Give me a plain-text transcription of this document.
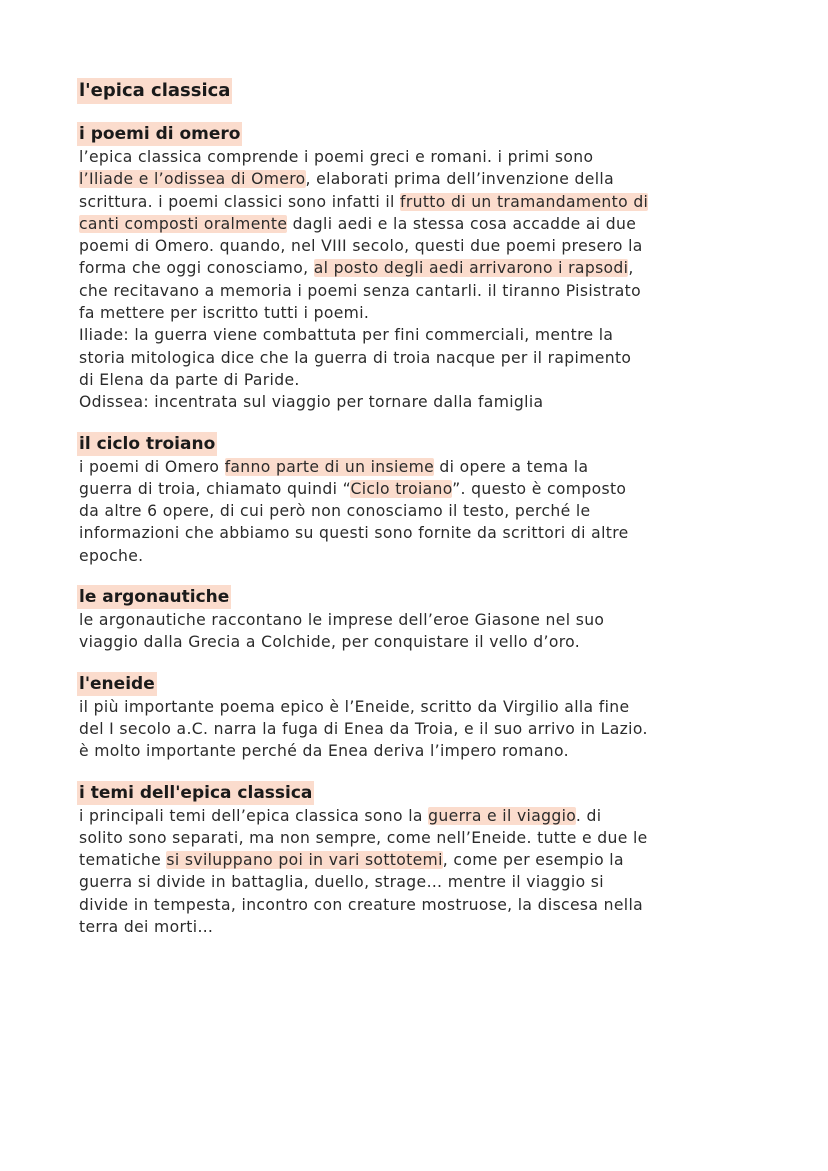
l'epica classica
i poemi di omero

l’epica classica comprende i poemi greci e romani. i primi sono
l’Iliade e l’odissea di Omero, elaborati prima dell’invenzione della
scrittura. i poemi classici sono infatti il frutto di un tramandamento di
canti composti oralmente dagli aedi e la stessa cosa accadde ai due
poemi di Omero. quando, nel VIII secolo, questi due poemi presero la
forma che oggi conosciamo, al posto degli aedi arrivarono i rapsodi,
che recitavano a memoria i poemi senza cantarli. il tiranno Pisistrato
fa mettere per iscritto tutti i poemi.
Iliade: la guerra viene combattuta per fini commerciali, mentre la
storia mitologica dice che la guerra di troia nacque per il rapimento
di Elena da parte di Paride.
Odissea: incentrata sul viaggio per tornare dalla famiglia

il ciclo troiano

i poemi di Omero fanno parte di un insieme di opere a tema la
guerra di troia, chiamato quindi “Ciclo troiano”. questo è composto
da altre 6 opere, di cui però non conosciamo il testo, perché le
informazioni che abbiamo su questi sono fornite da scrittori di altre
epoche.

le argonautiche

le argonautiche raccontano le imprese dell’eroe Giasone nel suo
viaggio dalla Grecia a Colchide, per conquistare il vello d’oro.

l'eneide

il più importante poema epico è l’Eneide, scritto da Virgilio alla fine
del I secolo a.C. narra la fuga di Enea da Troia, e il suo arrivo in Lazio.
è molto importante perché da Enea deriva l’impero romano.

i temi dell'epica classica

i principali temi dell’epica classica sono la guerra e il viaggio. di
solito sono separati, ma non sempre, come nell’Eneide. tutte e due le
tematiche si sviluppano poi in vari sottotemi, come per esempio la
guerra si divide in battaglia, duello, strage… mentre il viaggio si
divide in tempesta, incontro con creature mostruose, la discesa nella
terra dei morti…
